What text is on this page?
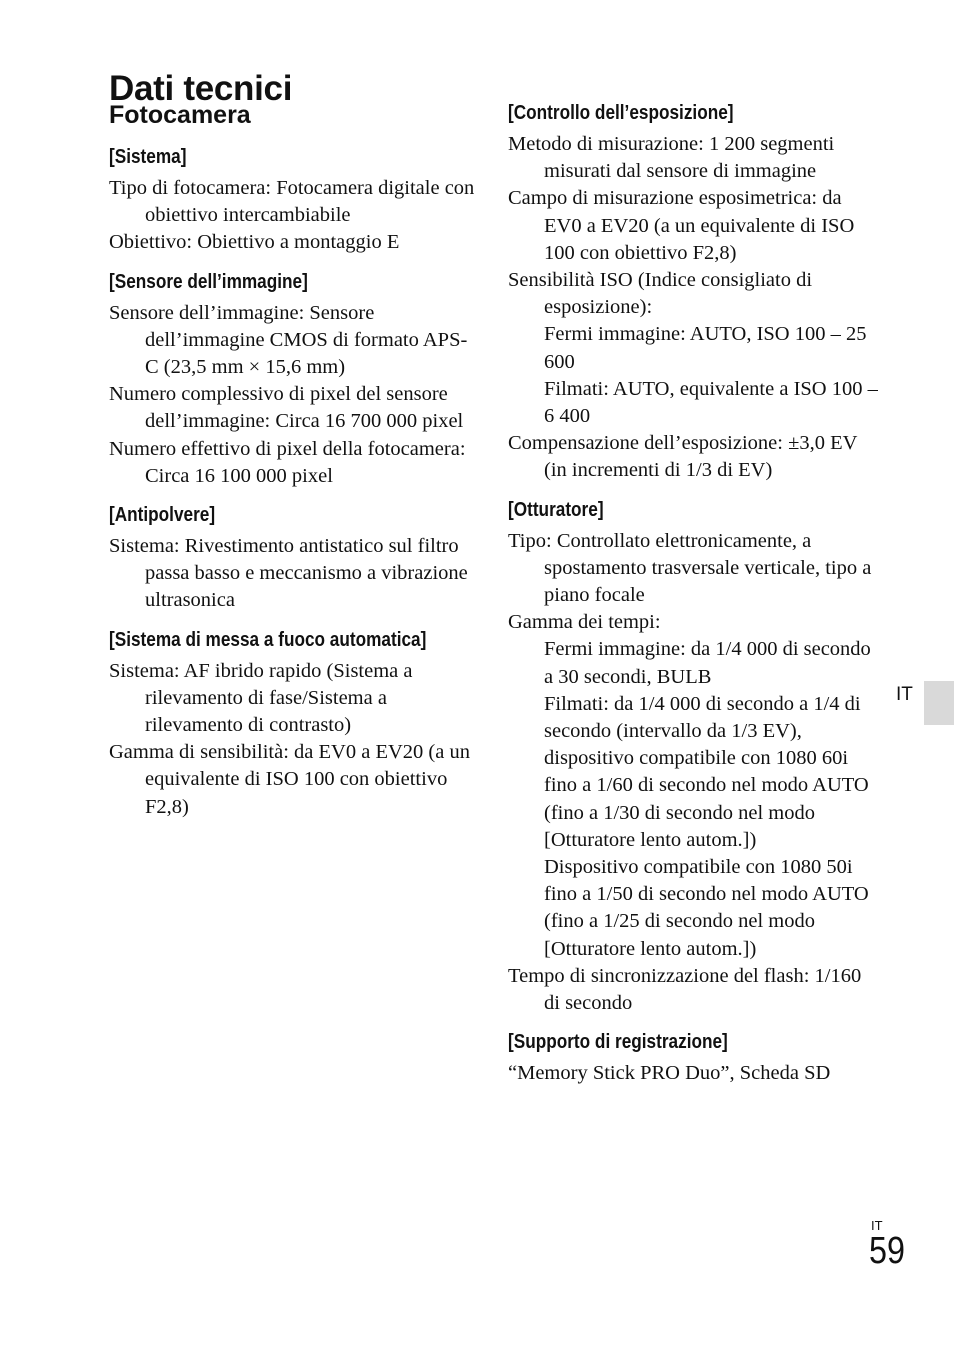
Dati tecnici
Fotocamera
[Sistema]
Tipo di fotocamera: Fotocamera digitale con obiettivo intercambiabile
Obiettivo: Obiettivo a montaggio E
[Sensore dell’immagine]
Sensore dell’immagine: Sensore dell’immagine CMOS di formato APS-C (23,5 mm × 15,6 mm)
Numero complessivo di pixel del sensore dell’immagine: Circa 16 700 000 pixel
Numero effettivo di pixel della fotocamera: Circa 16 100 000 pixel
[Antipolvere]
Sistema: Rivestimento antistatico sul filtro passa basso e meccanismo a vibrazione ultrasonica
[Sistema di messa a fuoco automatica]
Sistema: AF ibrido rapido (Sistema a rilevamento di fase/Sistema a rilevamento di contrasto)
Gamma di sensibilità: da EV0 a EV20 (a un equivalente di ISO 100 con obiettivo F2,8)
[Controllo dell’esposizione]
Metodo di misurazione: 1 200 segmenti misurati dal sensore di immagine
Campo di misurazione esposimetrica: da EV0 a EV20 (a un equivalente di ISO 100 con obiettivo F2,8)
Sensibilità ISO (Indice consigliato di esposizione):
Fermi immagine: AUTO, ISO 100 – 25 600
Filmati: AUTO, equivalente a ISO 100 – 6 400
Compensazione dell’esposizione: ±3,0 EV (in incrementi di 1/3 di EV)
[Otturatore]
Tipo: Controllato elettronicamente, a spostamento trasversale verticale, tipo a piano focale
Gamma dei tempi:
Fermi immagine: da 1/4 000 di secondo a 30 secondi, BULB
Filmati: da 1/4 000 di secondo a 1/4 di secondo (intervallo da 1/3 EV),
dispositivo compatibile con 1080 60i fino a 1/60 di secondo nel modo AUTO (fino a 1/30 di secondo nel modo [Otturatore lento autom.])
Dispositivo compatibile con 1080 50i fino a 1/50 di secondo nel modo AUTO (fino a 1/25 di secondo nel modo [Otturatore lento autom.])
Tempo di sincronizzazione del flash: 1/160 di secondo
[Supporto di registrazione]
“Memory Stick PRO Duo”, Scheda SD
IT
IT
59
